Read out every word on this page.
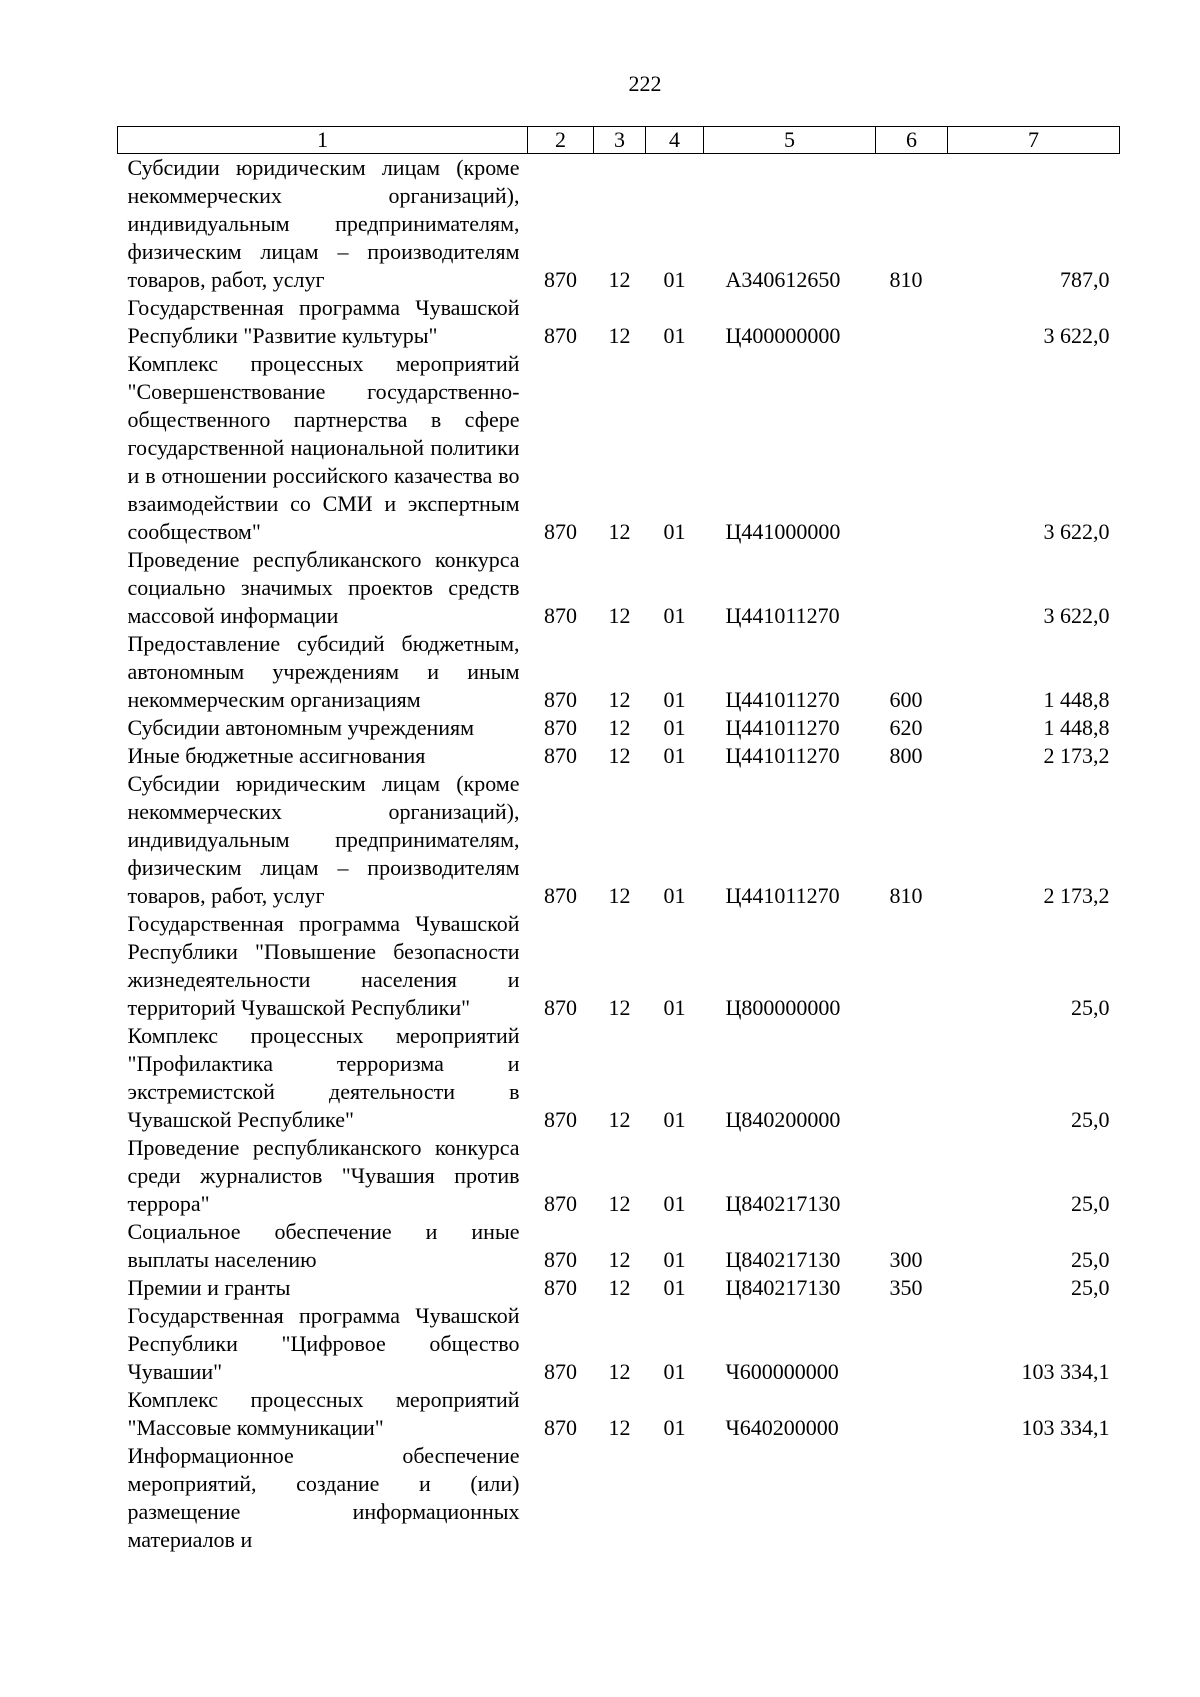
222
1	2	3	4	5	6	7
Субсидии юридическим лицам (кроме некоммерческих организаций), индивидуальным предпринимателям, физическим лицам – производителям товаров, работ, услуг	870	12	01	А340612650	810	787,0
Государственная программа Чувашской Республики "Развитие культуры"	870	12	01	Ц400000000		3 622,0
Комплекс процессных мероприятий "Совершенствование государственно-общественного партнерства в сфере государственной национальной политики и в отношении российского казачества во взаимодействии со СМИ и экспертным сообществом"	870	12	01	Ц441000000		3 622,0
Проведение республиканского конкурса социально значимых проектов средств массовой информации	870	12	01	Ц441011270		3 622,0
Предоставление субсидий бюджетным, автономным учреждениям и иным некоммерческим организациям	870	12	01	Ц441011270	600	1 448,8
Субсидии автономным учреждениям	870	12	01	Ц441011270	620	1 448,8
Иные бюджетные ассигнования	870	12	01	Ц441011270	800	2 173,2
Субсидии юридическим лицам (кроме некоммерческих организаций), индивидуальным предпринимателям, физическим лицам – производителям товаров, работ, услуг	870	12	01	Ц441011270	810	2 173,2
Государственная программа Чувашской Республики "Повышение безопасности жизнедеятельности населения и территорий Чувашской Республики"	870	12	01	Ц800000000		25,0
Комплекс процессных мероприятий "Профилактика терроризма и экстремистской деятельности в Чувашской Республике"	870	12	01	Ц840200000		25,0
Проведение республиканского конкурса среди журналистов "Чувашия против террора"	870	12	01	Ц840217130		25,0
Социальное обеспечение и иные выплаты населению	870	12	01	Ц840217130	300	25,0
Премии и гранты	870	12	01	Ц840217130	350	25,0
Государственная программа Чувашской Республики "Цифровое общество Чувашии"	870	12	01	Ч600000000		103 334,1
Комплекс процессных мероприятий "Массовые коммуникации"	870	12	01	Ч640200000		103 334,1
Информационное обеспечение мероприятий, создание и (или) размещение информационных материалов и						
